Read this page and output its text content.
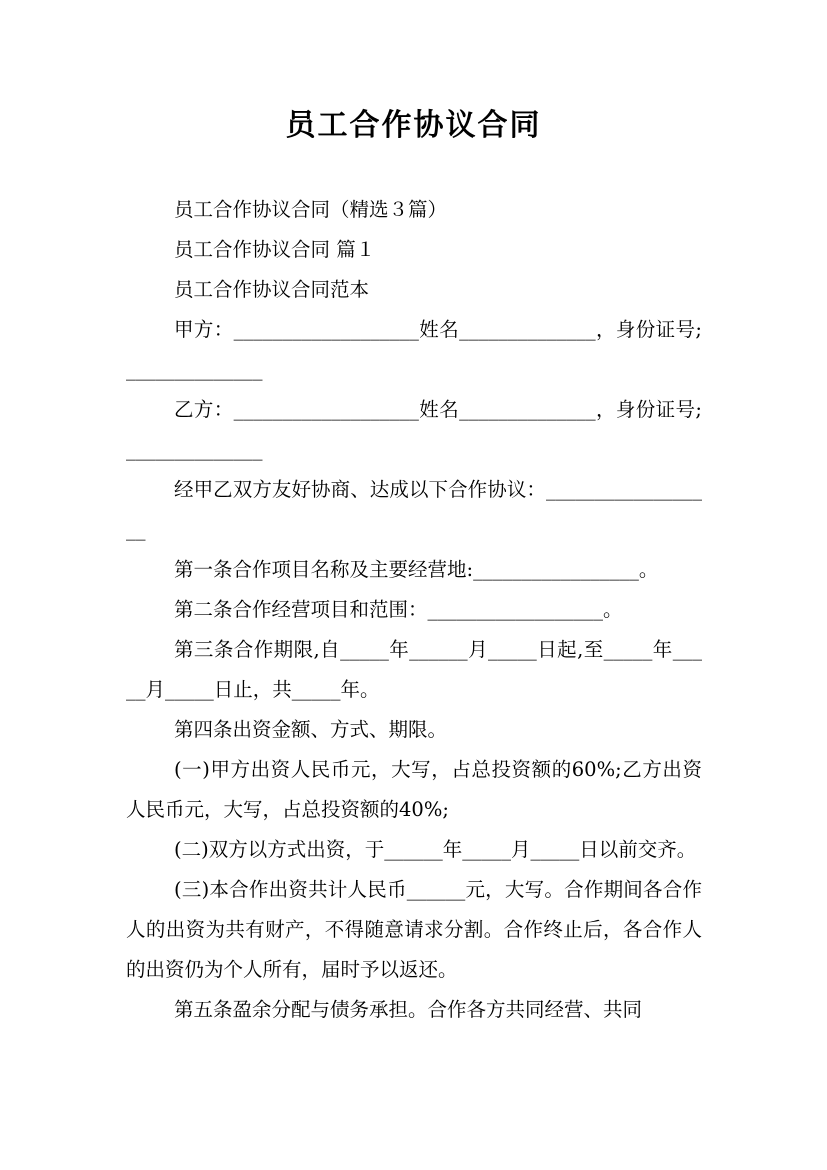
员工合作协议合同

员工合作协议合同（精选３篇）

员工合作协议合同 篇１

员工合作协议合同范本

甲方：___________________姓名______________，身份证号;______________

乙方：___________________姓名______________，身份证号;______________

经甲乙双方友好协商、达成以下合作协议：__________________

第一条合作项目名称及主要经营地:_________________。

第二条合作经营项目和范围：__________________。

第三条合作期限,自_____年______月_____日起,至_____年_____月_____日止，共_____年。

第四条出资金额、方式、期限。

(一)甲方出资人民币元，大写，占总投资额的60%;乙方出资人民币元，大写，占总投资额的40%;

(二)双方以方式出资，于______年_____月_____日以前交齐。

(三)本合作出资共计人民币______元，大写。合作期间各合作人的出资为共有财产，不得随意请求分割。合作终止后，各合作人的出资仍为个人所有，届时予以返还。

第五条盈余分配与债务承担。合作各方共同经营、共同
